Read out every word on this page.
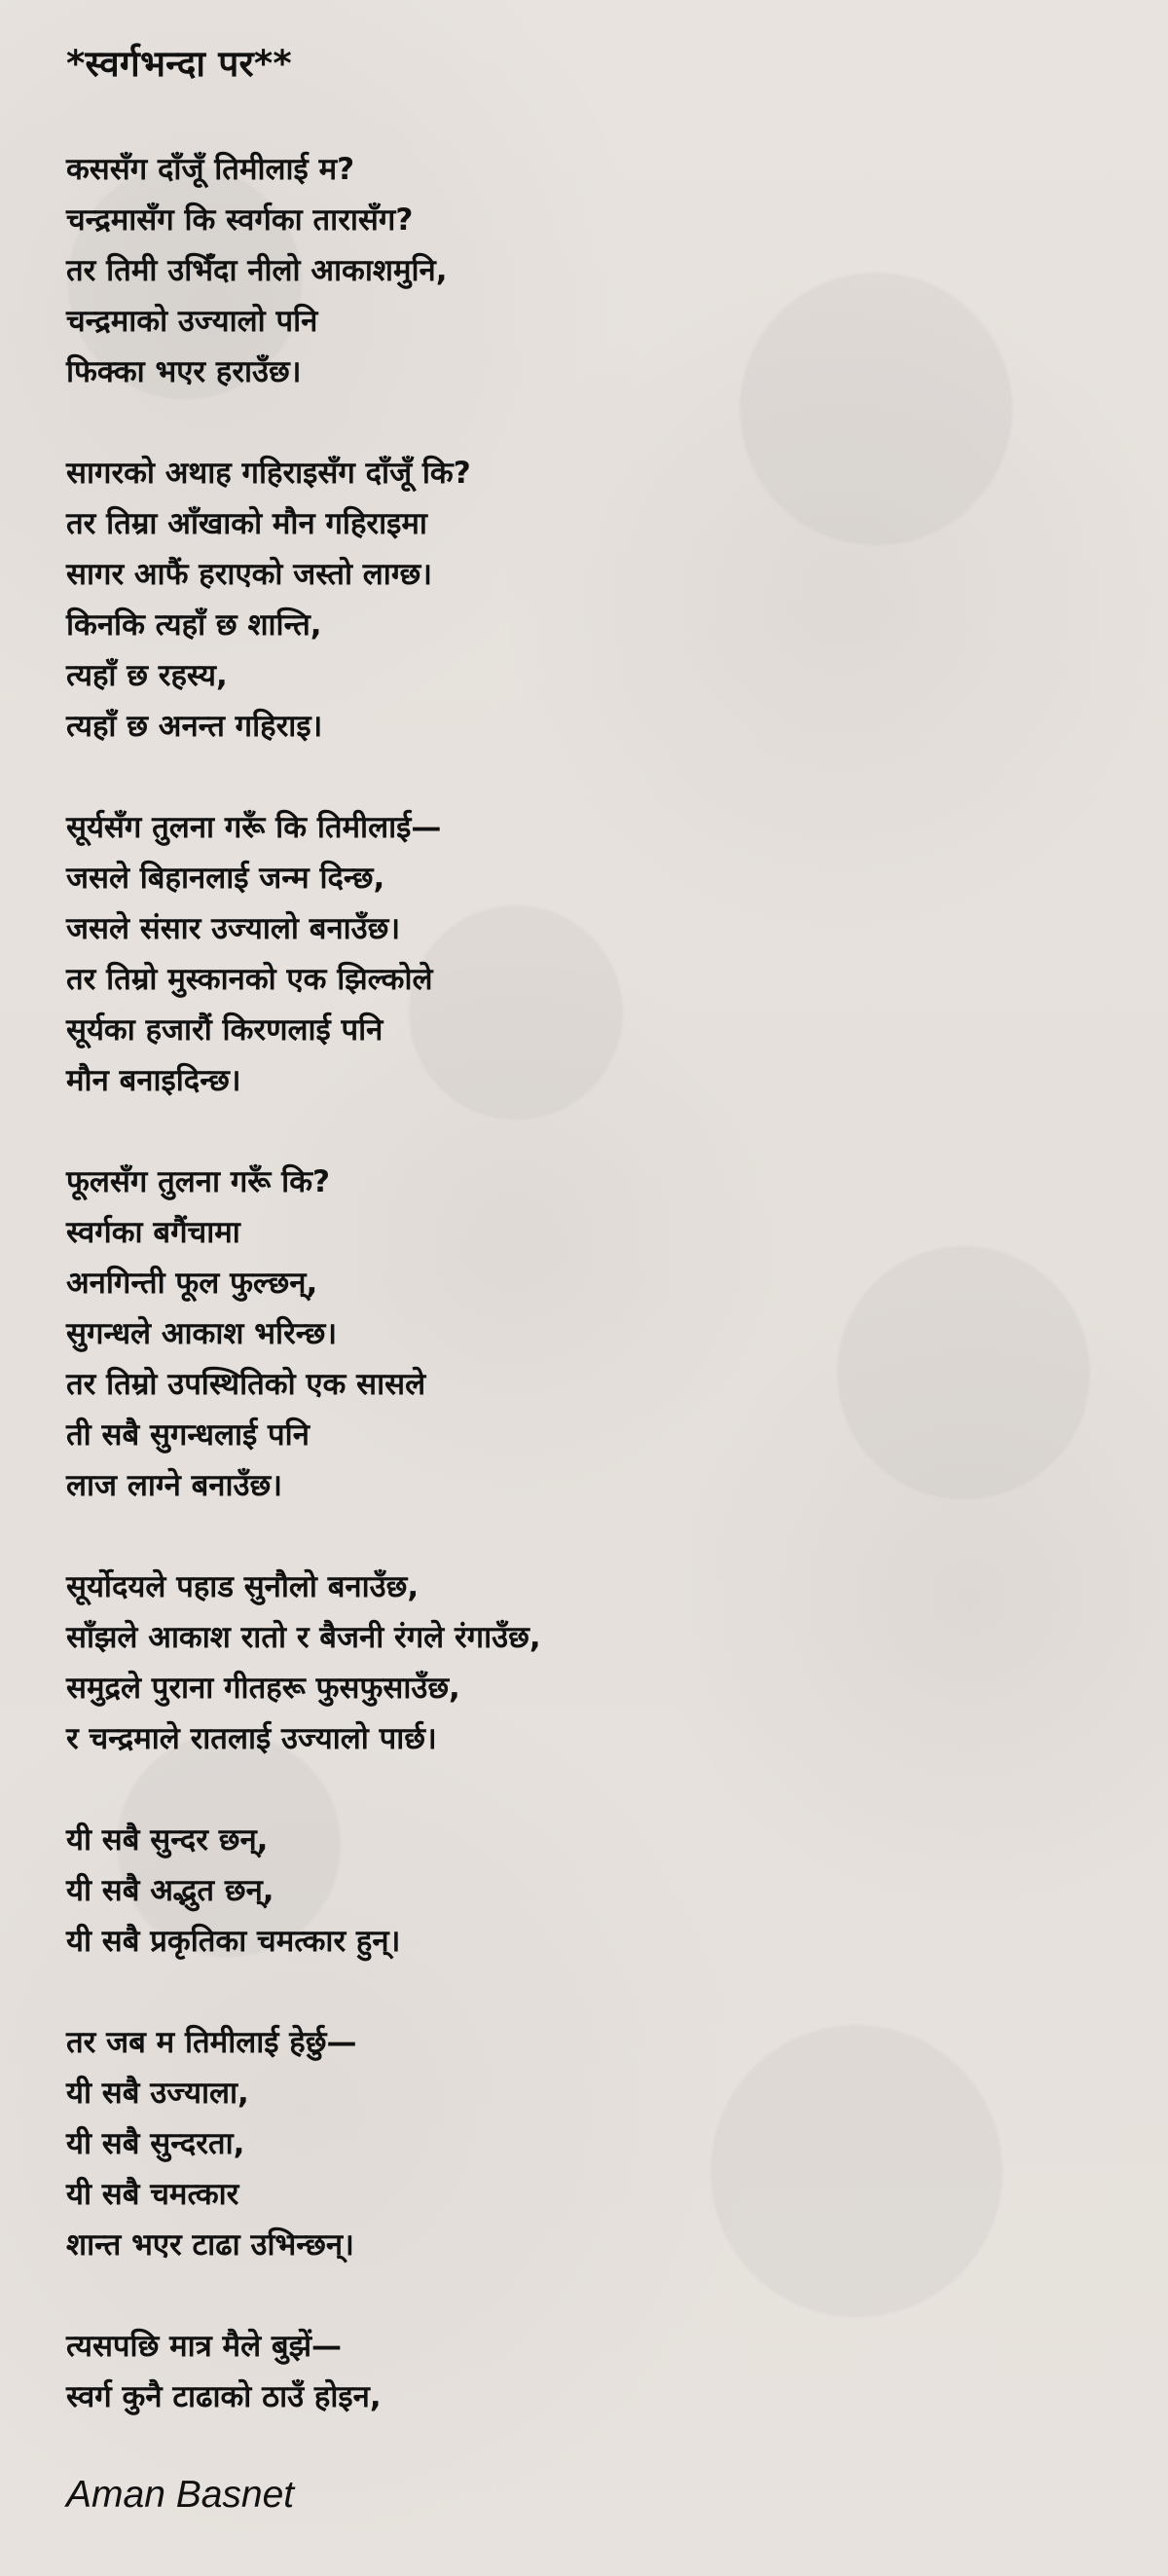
*स्वर्गभन्दा पर**
कससँग दाँजूँ तिमीलाई म?
चन्द्रमासँग कि स्वर्गका तारासँग?
तर तिमी उभिँदा नीलो आकाशमुनि,
चन्द्रमाको उज्यालो पनि
फिक्का भएर हराउँछ।
सागरको अथाह गहिराइसँग दाँजूँ कि?
तर तिम्रा आँखाको मौन गहिराइमा
सागर आफैं हराएको जस्तो लाग्छ।
किनकि त्यहाँ छ शान्ति,
त्यहाँ छ रहस्य,
त्यहाँ छ अनन्त गहिराइ।
सूर्यसँग तुलना गरूँ कि तिमीलाई—
जसले बिहानलाई जन्म दिन्छ,
जसले संसार उज्यालो बनाउँछ।
तर तिम्रो मुस्कानको एक झिल्कोले
सूर्यका हजारौं किरणलाई पनि
मौन बनाइदिन्छ।
फूलसँग तुलना गरूँ कि?
स्वर्गका बगैंचामा
अनगिन्ती फूल फुल्छन्,
सुगन्धले आकाश भरिन्छ।
तर तिम्रो उपस्थितिको एक सासले
ती सबै सुगन्धलाई पनि
लाज लाग्ने बनाउँछ।
सूर्योदयले पहाड सुनौलो बनाउँछ,
साँझले आकाश रातो र बैजनी रंगले रंगाउँछ,
समुद्रले पुराना गीतहरू फुसफुसाउँछ,
र चन्द्रमाले रातलाई उज्यालो पार्छ।
यी सबै सुन्दर छन्,
यी सबै अद्भुत छन्,
यी सबै प्रकृतिका चमत्कार हुन्।
तर जब म तिमीलाई हेर्छु—
यी सबै उज्याला,
यी सबै सुन्दरता,
यी सबै चमत्कार
शान्त भएर टाढा उभिन्छन्।
त्यसपछि मात्र मैले बुझें—
स्वर्ग कुनै टाढाको ठाउँ होइन,
Aman Basnet
